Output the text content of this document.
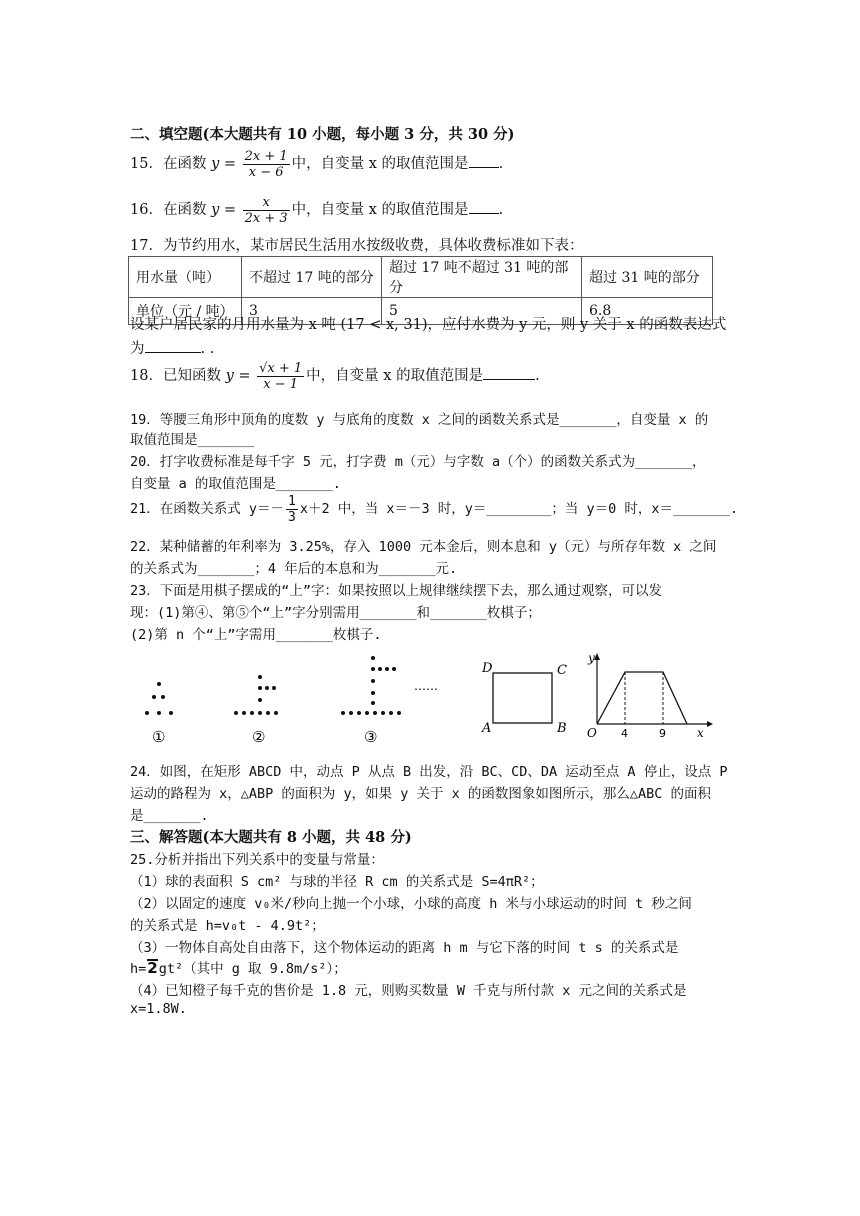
二、填空题(本大题共有 10 小题，每小题 3 分，共 30 分)
15．在函数 $y = \frac{2x + 1}{x - 6}$ 中，自变量 x 的取值范围是 .
16．在函数 $y = \frac{x}{2x + 3}$ 中，自变量 x 的取值范围是 .
17．为节约用水，某市居民生活用水按级收费，具体收费标准如下表：
用水量（吨）	不超过 17 吨的部分	超过 17 吨不超过 31 吨的部分	超过 31 吨的部分
单位（元 / 吨）	3	5	6.8
设某户居民家的月用水量为 x 吨 (17 < x, 31)，应付水费为 y 元，则 y 关于 x 的函数表达式
为	. .
18．已知函数 $y = \frac{√x + 1}{x - 1}$ 中，自变量 x 的取值范围是	.
19．等腰三角形中顶角的度数 y 与底角的度数 x 之间的函数关系式是_______，自变量 x 的
取值范围是_______
20．打字收费标准是每千字 5 元，打字费 m（元）与字数 a（个）的函数关系式为_______，
自变量 a 的取值范围是_______.
21．在函数关系式 $y=- \frac{1}{3} x+2$ 中，当 x＝－3 时，y＝________；当 y＝0 时，x＝_______.
22．某种储蓄的年利率为 3.25%，存入 1000 元本金后，则本息和 y（元）与所存年数 x 之间
的关系式为_______；4 年后的本息和为_______元.
23．下面是用棋子摆成的“上”字：如果按照以上规律继续摆下去，那么通过观察，可以发
现：(1)第④、第⑤个“上”字分别需用_______和_______枚棋子；
(2)第 n 个“上”字需用_______枚棋子.
①	②	③
……
D	C
A	B
y
x
O 4	9
24．如图，在矩形 ABCD 中，动点 P 从点 B 出发，沿 BC、CD、DA 运动至点 A 停止，设点 P
运动的路程为 x，△ABP 的面积为 y，如果 y 关于 x 的函数图象如图所示，那么△ABC 的面积
是_______.
三、解答题(本大题共有 8 小题，共 48 分)
25.分析并指出下列关系中的变量与常量：
（1）球的表面积 S cm² 与球的半径 R cm 的关系式是 S=4πR²；
（2）以固定的速度 v₀米/秒向上抛一个小球，小球的高度 h 米与小球运动的时间 t 秒之间
的关系式是 h=v₀t - 4.9t²；
（3）一物体自高处自由落下，这个物体运动的距离 h m 与它下落的时间 t s 的关系式是
h=2gt²（其中 g 取 9.8m/s²）；
（4）已知橙子每千克的售价是 1.8 元，则购买数量 W 千克与所付款 x 元之间的关系式是
x=1.8W.
